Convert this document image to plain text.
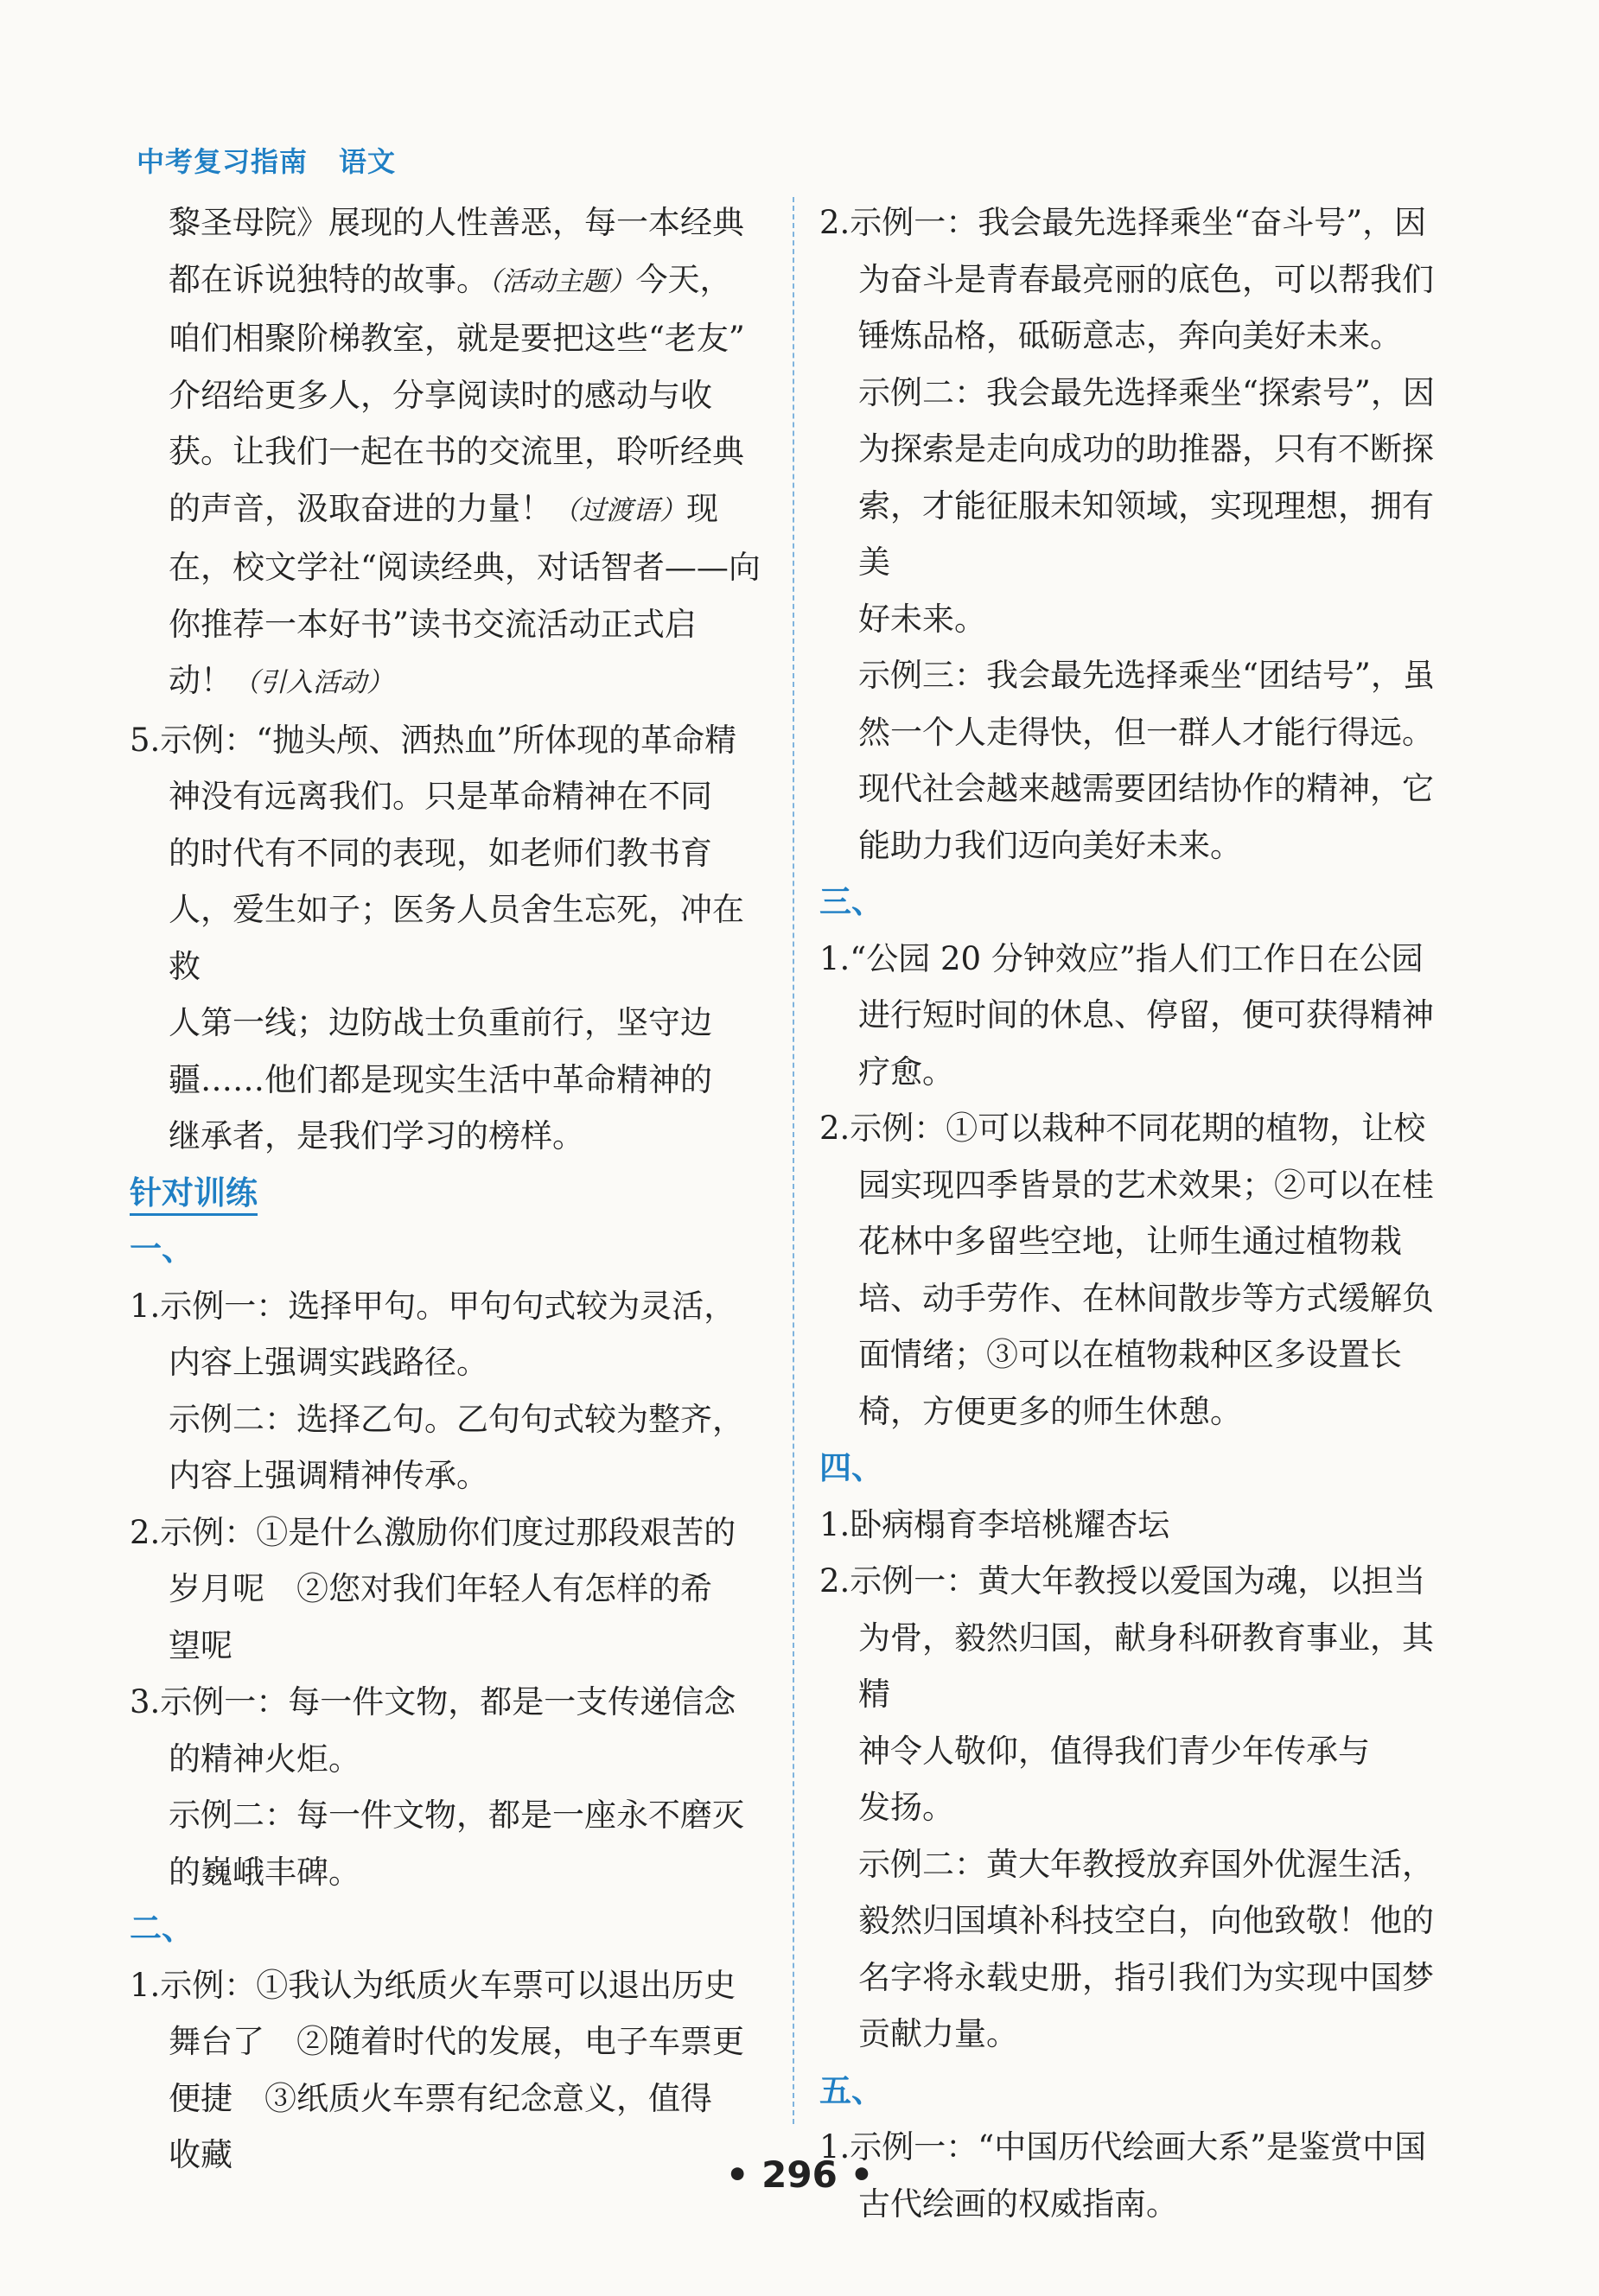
中考复习指南 语文

黎圣母院》展现的人性善恶，每一本经典
都在诉说独特的故事。（活动主题）今天，
咱们相聚阶梯教室，就是要把这些“老友”
介绍给更多人，分享阅读时的感动与收
获。让我们一起在书的交流里，聆听经典
的声音，汲取奋进的力量！（过渡语）现
在，校文学社“阅读经典，对话智者——向
你推荐一本好书”读书交流活动正式启
动！（引入活动）

5.示例：“抛头颅、洒热血”所体现的革命精
神没有远离我们。只是革命精神在不同
的时代有不同的表现，如老师们教书育
人，爱生如子；医务人员舍生忘死，冲在救
人第一线；边防战士负重前行，坚守边
疆……他们都是现实生活中革命精神的
继承者，是我们学习的榜样。

针对训练

一、

1.示例一：选择甲句。甲句句式较为灵活，
内容上强调实践路径。

示例二：选择乙句。乙句句式较为整齐，
内容上强调精神传承。

2.示例：①是什么激励你们度过那段艰苦的
岁月呢　②您对我们年轻人有怎样的希
望呢

3.示例一：每一件文物，都是一支传递信念
的精神火炬。

示例二：每一件文物，都是一座永不磨灭
的巍峨丰碑。

二、

1.示例：①我认为纸质火车票可以退出历史
舞台了　②随着时代的发展，电子车票更
便捷　③纸质火车票有纪念意义，值得
收藏

2.示例一：我会最先选择乘坐“奋斗号”，因
为奋斗是青春最亮丽的底色，可以帮我们
锤炼品格，砥砺意志，奔向美好未来。

示例二：我会最先选择乘坐“探索号”，因
为探索是走向成功的助推器，只有不断探
索，才能征服未知领域，实现理想，拥有美
好未来。

示例三：我会最先选择乘坐“团结号”，虽
然一个人走得快，但一群人才能行得远。
现代社会越来越需要团结协作的精神，它
能助力我们迈向美好未来。

三、

1.“公园 20 分钟效应”指人们工作日在公园
进行短时间的休息、停留，便可获得精神
疗愈。

2.示例：①可以栽种不同花期的植物，让校
园实现四季皆景的艺术效果；②可以在桂
花林中多留些空地，让师生通过植物栽
培、动手劳作、在林间散步等方式缓解负
面情绪；③可以在植物栽种区多设置长
椅，方便更多的师生休憩。

四、

1.卧病榻育李培桃耀杏坛

2.示例一：黄大年教授以爱国为魂，以担当
为骨，毅然归国，献身科研教育事业，其精
神令人敬仰，值得我们青少年传承与
发扬。

示例二：黄大年教授放弃国外优渥生活，
毅然归国填补科技空白，向他致敬！他的
名字将永载史册，指引我们为实现中国梦
贡献力量。

五、

1.示例一：“中国历代绘画大系”是鉴赏中国
古代绘画的权威指南。

• 296 •
